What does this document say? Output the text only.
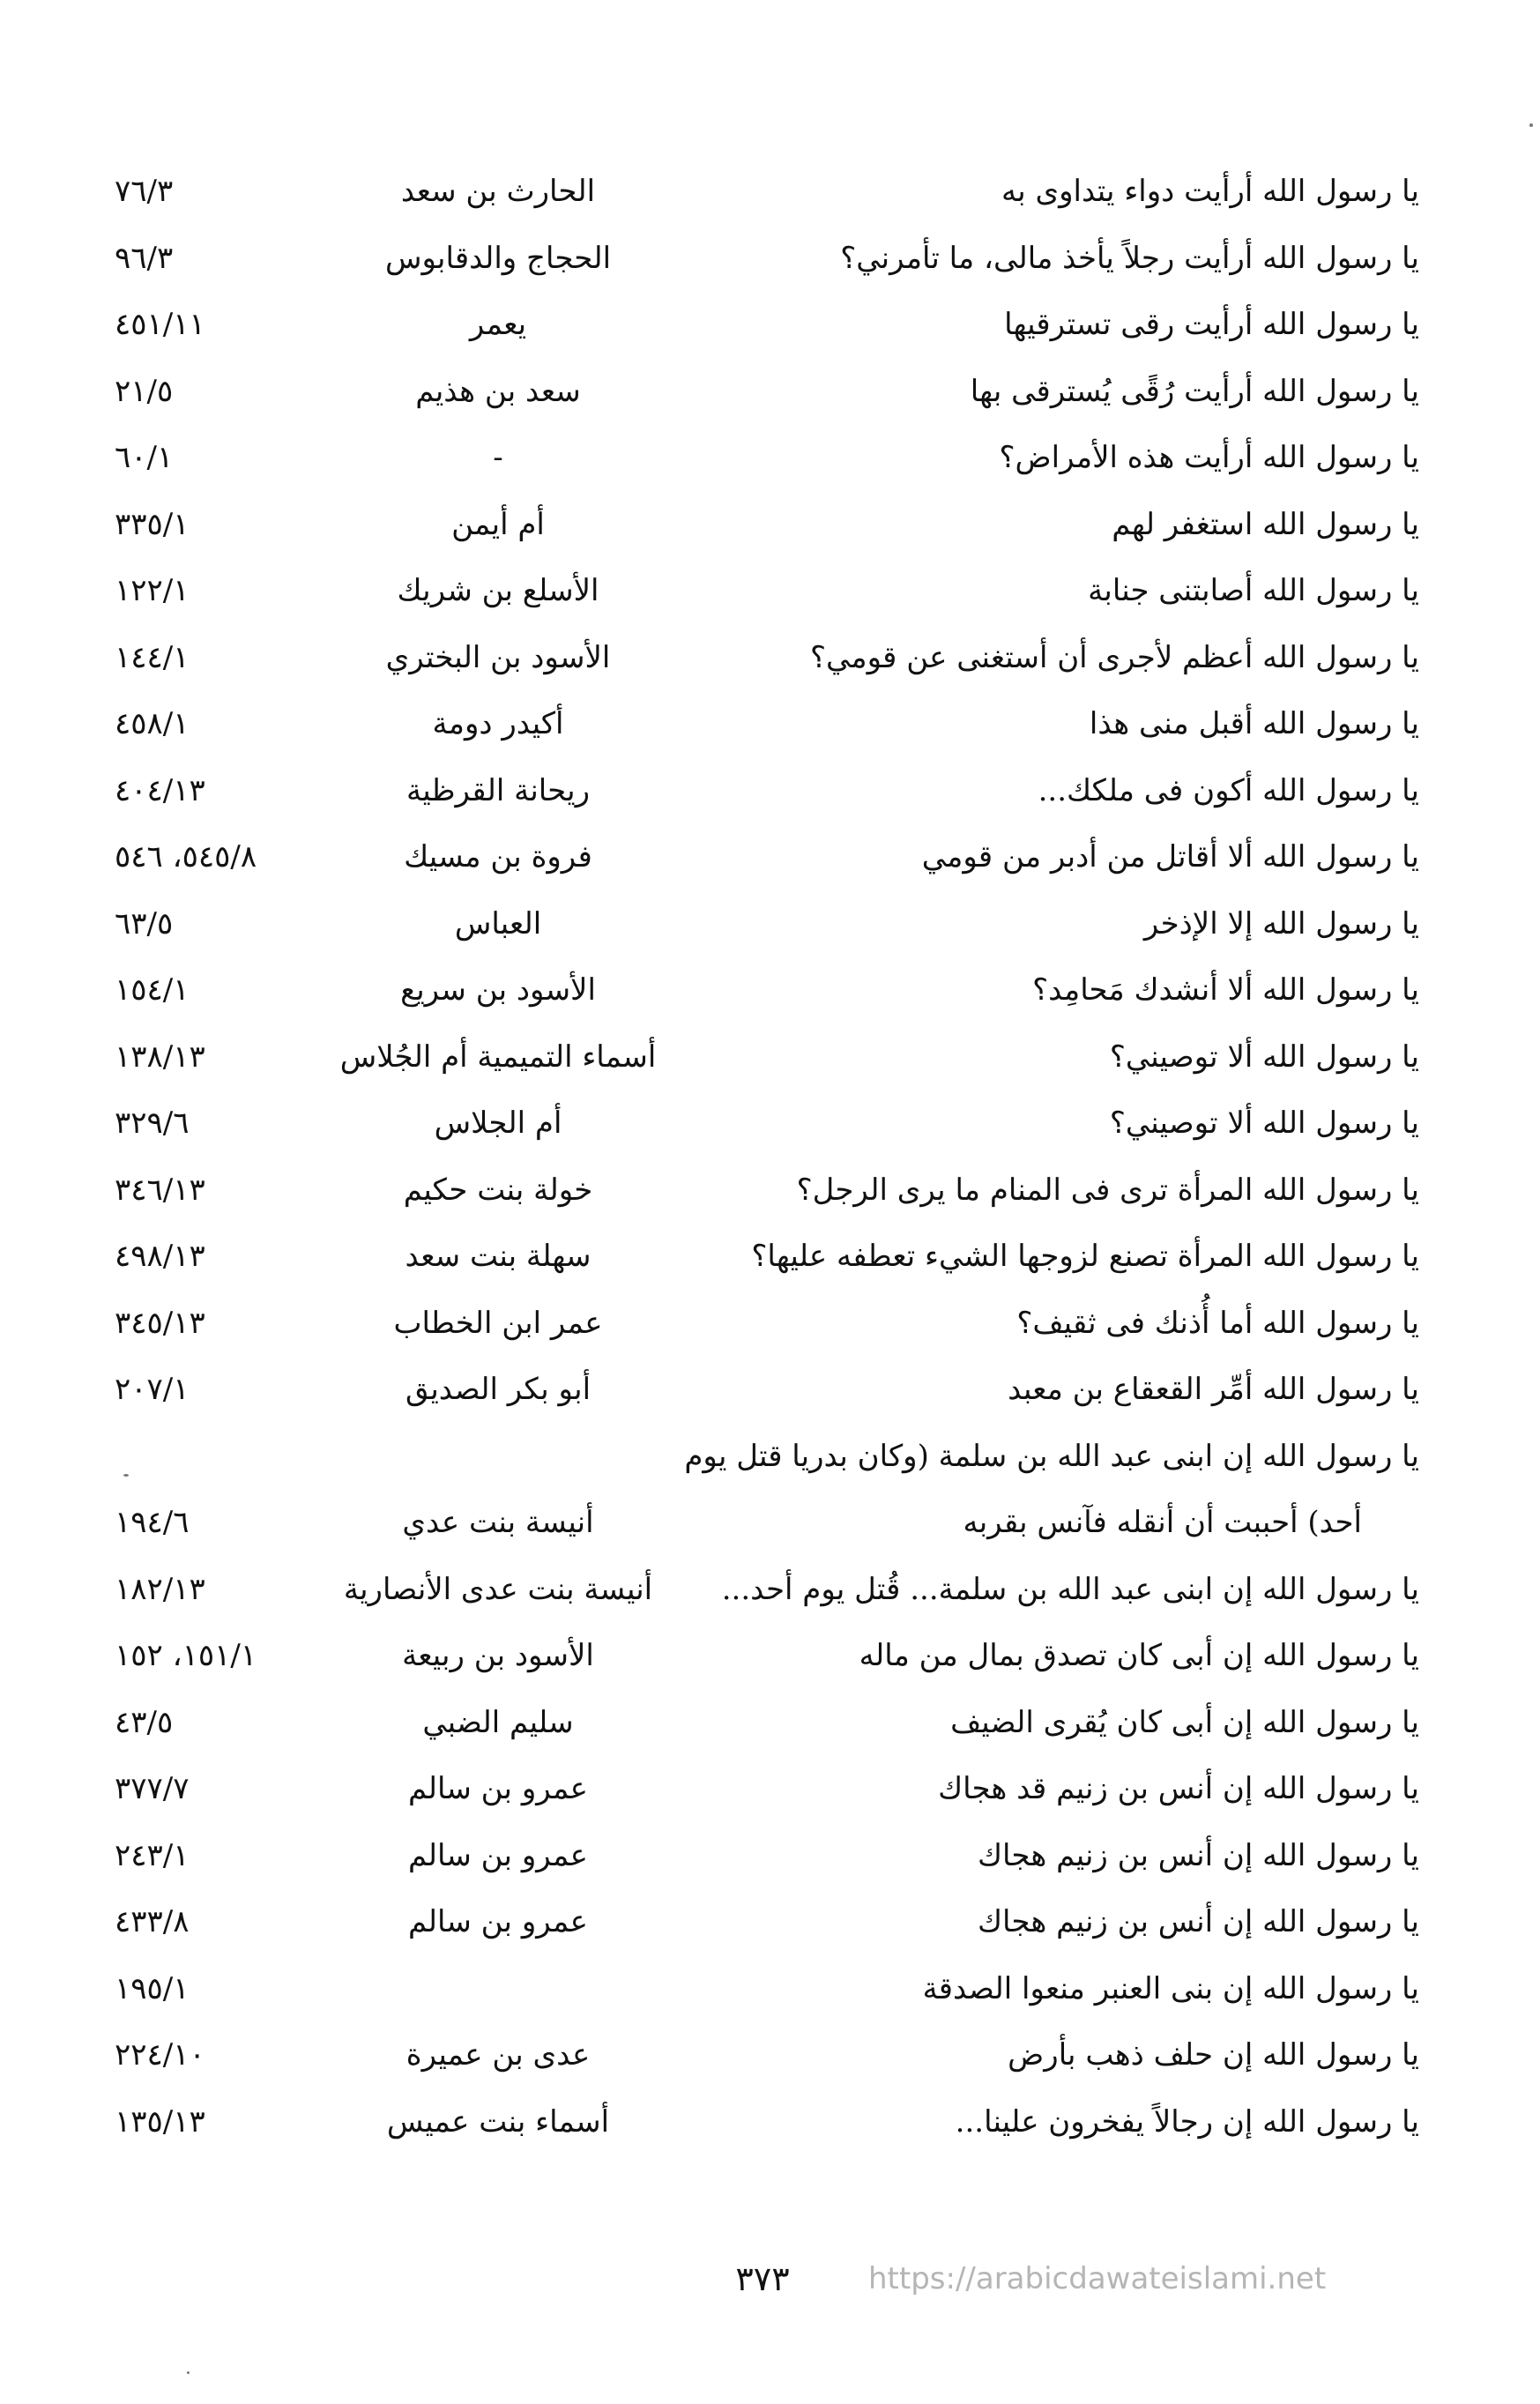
يا رسول الله أرأيت دواء يتداوى به
الحارث بن سعد
٧٦/٣
يا رسول الله أرأيت رجلاً يأخذ مالى، ما تأمرني؟
الحجاج والدقابوس
٩٦/٣
يا رسول الله أرأيت رقى تسترقيها
يعمر
٤٥١/١١
يا رسول الله أرأيت رُقًى يُسترقى بها
سعد بن هذيم
٢١/٥
يا رسول الله أرأيت هذه الأمراض؟
-
٦٠/١
يا رسول الله استغفر لهم
أم أيمن
٣٣٥/١
يا رسول الله أصابتنى جنابة
الأسلع بن شريك
١٢٢/١
يا رسول الله أعظم لأجرى أن أستغنى عن قومي؟
الأسود بن البختري
١٤٤/١
يا رسول الله أقبل منى هذا
أكيدر دومة
٤٥٨/١
يا رسول الله أكون فى ملكك...
ريحانة القرظية
٤٠٤/١٣
يا رسول الله ألا أقاتل من أدبر من قومي
فروة بن مسيك
٥٤٥/٨، ٥٤٦
يا رسول الله إلا الإذخر
العباس
٦٣/٥
يا رسول الله ألا أنشدك مَحامِد؟
الأسود بن سريع
١٥٤/١
يا رسول الله ألا توصيني؟
أسماء التميمية أم الجُلاس
١٣٨/١٣
يا رسول الله ألا توصيني؟
أم الجلاس
٣٢٩/٦
يا رسول الله المرأة ترى فى المنام ما يرى الرجل؟
خولة بنت حكيم
٣٤٦/١٣
يا رسول الله المرأة تصنع لزوجها الشيء تعطفه عليها؟
سهلة بنت سعد
٤٩٨/١٣
يا رسول الله أما أُذنك فى ثقيف؟
عمر ابن الخطاب
٣٤٥/١٣
يا رسول الله أمِّر القعقاع بن معبد
أبو بكر الصديق
٢٠٧/١
يا رسول الله إن ابنى عبد الله بن سلمة (وكان بدريا قتل يوم
أحد) أحببت أن أنقله فآنس بقربه
أنيسة بنت عدي
١٩٤/٦
يا رسول الله إن ابنى عبد الله بن سلمة... قُتل يوم أحد...
أنيسة بنت عدى الأنصارية
١٨٢/١٣
يا رسول الله إن أبى كان تصدق بمال من ماله
الأسود بن ربيعة
١٥١/١، ١٥٢
يا رسول الله إن أبى كان يُقرى الضيف
سليم الضبي
٤٣/٥
يا رسول الله إن أنس بن زنيم قد هجاك
عمرو بن سالم
٣٧٧/٧
يا رسول الله إن أنس بن زنيم هجاك
عمرو بن سالم
٢٤٣/١
يا رسول الله إن أنس بن زنيم هجاك
عمرو بن سالم
٤٣٣/٨
يا رسول الله إن بنى العنبر منعوا الصدقة
١٩٥/١
يا رسول الله إن حلف ذهب بأرض
عدى بن عميرة
٢٢٤/١٠
يا رسول الله إن رجالاً يفخرون علينا...
أسماء بنت عميس
١٣٥/١٣
٣٧٣	https://arabicdawateislami.net
